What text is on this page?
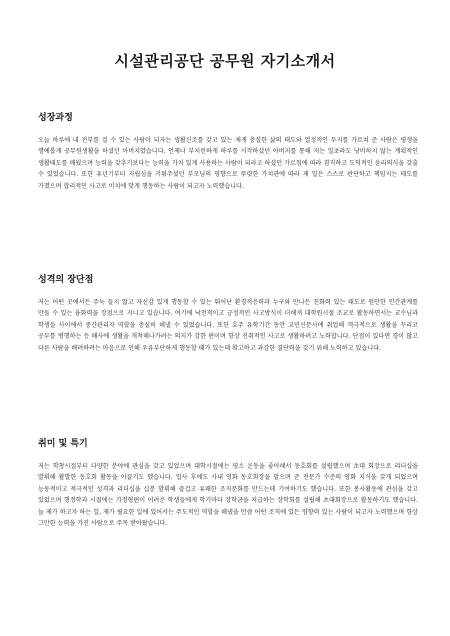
시설관리공단 공무원 자기소개서
성장과정

오늘 하루에 내 전부를 걸 수 있는 사람이 되자는 생활신조를 갖고 있는 제게 충실한 삶의 태도와 열정적인 투지를 가르쳐 준 사람은 평생을 명예롭게 공무원생활을 하셨던 아버지였습니다. 언제나 부지런하게 하루를 시작하셨던 아버지를 통해 저는 일초라도 낭비하지 않는 계획적인 생활태도를 배웠으며 능력을 갖추기보다는 능력을 가치 있게 사용하는 사람이 되라고 하셨던 가르침에 따라 겸직하고 도덕적인 윤리의식을 갖출 수 있었습니다. 또한 유년기부터 자립심을 키워주셨던 부모님의 영향으로 뚜렷한 가치관에 따라 제 일은 스스로 판단하고 책임지는 태도를 가졌으며 합리적인 사고로 이치에 맞게 행동하는 사람이 되고자 노력했습니다.

성격의 장단점

저는 어떤 곳에서든 주눅 들지 않고 자신감 있게 행동할 수 있는 뛰어난 환경적응력과 누구와 만나든 친화력 있는 태도로 원만한 인간관계를 만들 수 있는 융화력을 장점으로 지니고 있습니다. 여기에 낙천적이고 긍정적인 사고방식이 더해져 대학원시절 조교로 활동하면서는 교수님과 학생들 사이에서 중간관리자 역할을 충실히 해낼 수 있었습니다. 또한 호주 유학기간 동안 교민신문사에 취업해 객극적으로 생활을 꾸리고 공부를 병행하는 등 해사에 생활을 개척해나가려는 의지가 강한 편이며 항상 진취적인 사고로 생활하려고 노력합니다. 단점이 있다면 경이 많고 다른 사람을 배려하려는 마음으로 인해 우유부단하게 행동할 때가 있는데 확고하고 과감한 결단력을 갖기 위해 노력하고 있습니다.

취미 및 특기

저는 학창시절부터 다양한 분야에 관심을 갖고 있었으며 대학시절에는 평소 운동을 좋아해서 동호회를 설립했으며 초대 회장으로 리더십을 발휘해 활발한 동호회 활동을 이끌기도 했습니다. 입사 후에도 사내 영화 동호회장을 맡으며 준 전문가 수준의 영화 지식을 갖게 되었으며 능동적이고 적극적인 성격과 리더십을 십분 발휘해 즐겁고 유쾌한 조직문화를 만드는데 기여하기도 했습니다. 또한 봉사활동에 관심을 갖고 있었으며 행정학과 시절에는 가정형편이 어려운 학생들에게 학기마다 장학금을 지급하는 장학회를 설립해 초대회장으로 활동하기도 했습니다. 늘 제가 하고자 하는 일, 제가 필요한 일에 있어서는 주도적인 역할을 해냈을 만큼 어떤 조직에 있든 영향력 있는 사람이 되고자 노력했으며 항상 그만한 능력을 가진 사람으로 주목 받아왔습니다.
